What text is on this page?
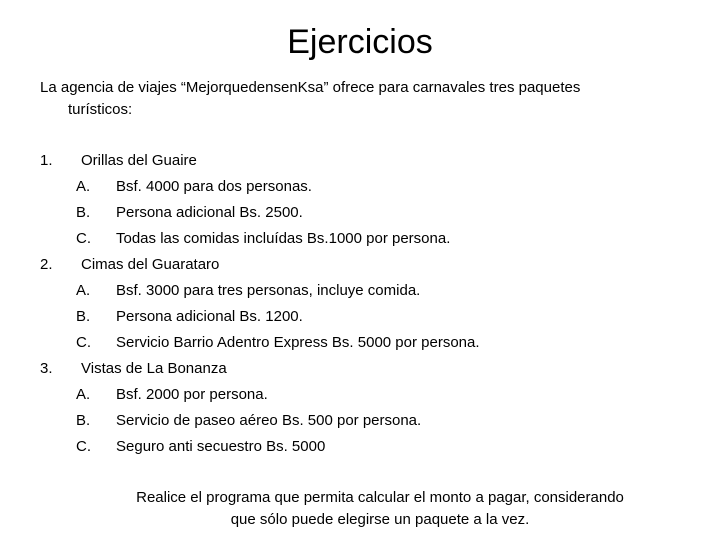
Ejercicios
La agencia de viajes “MejorquedensenKsa” ofrece para carnavales tres paquetes
turísticos:
1.	Orillas del Guaire
A. Bsf. 4000 para dos personas.
B. Persona adicional Bs. 2500.
C. Todas las comidas incluídas Bs.1000 por persona.
2.	Cimas del Guarataro
A. Bsf. 3000 para tres personas, incluye comida.
B. Persona adicional Bs. 1200.
C. Servicio Barrio Adentro Express Bs. 5000 por persona.
3.	Vistas de La Bonanza
A. Bsf. 2000 por persona.
B. Servicio de paseo aéreo Bs. 500 por persona.
C. Seguro anti secuestro Bs. 5000
Realice el programa que permita calcular el monto a pagar, considerando
que sólo puede elegirse un paquete a la vez.
